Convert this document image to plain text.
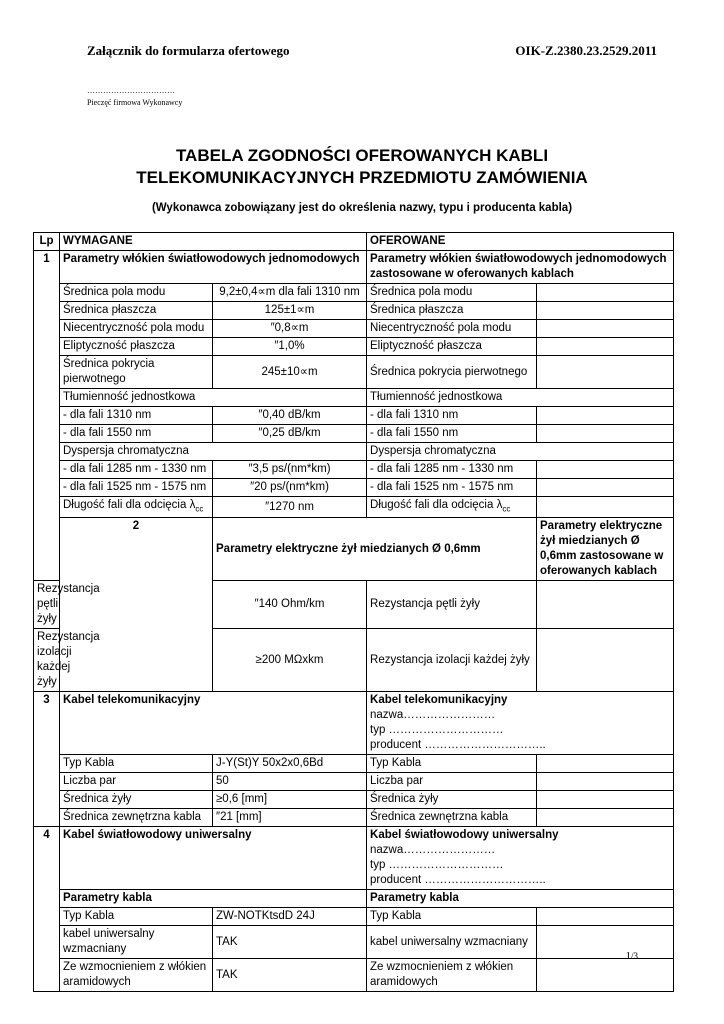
Załącznik do formularza ofertowego	OIK-Z.2380.23.2529.2011
……………………………
Pieczęć firmowa Wykonawcy
TABELA ZGODNOŚCI OFEROWANYCH KABLI
TELEKOMUNIKACYJNYCH PRZEDMIOTU ZAMÓWIENIA
(Wykonawca zobowiązany jest do określenia nazwy, typu i producenta kabla)
Lp	WYMAGANE		OFEROWANE	
1	Parametry włókien światłowodowych jednomodowych		Parametry włókien światłowodowych jednomodowych zastosowane w oferowanych kablach	
	Średnica pola modu	9,2±0,4∝m dla fali 1310 nm	Średnica pola modu	
	Średnica płaszcza	125±1∝m	Średnica płaszcza	
	Niecentryczność pola modu	″0,8∝m	Niecentryczność pola modu	
	Eliptyczność płaszcza	″1,0%	Eliptyczność płaszcza	
	Średnica pokrycia pierwotnego	245±10∝m	Średnica pokrycia pierwotnego	
	Tłumienność jednostkowa		Tłumienność jednostkowa	
	- dla fali 1310 nm	″0,40 dB/km	- dla fali 1310 nm	
	- dla fali 1550 nm	″0,25 dB/km	- dla fali 1550 nm	
	Dyspersja chromatyczna		Dyspersja chromatyczna	
	- dla fali 1285 nm - 1330 nm	″3,5 ps/(nm*km)	- dla fali 1285 nm - 1330 nm	
	- dla fali 1525 nm - 1575 nm	″20 ps/(nm*km)	- dla fali 1525 nm - 1575 nm	
	Długość fali dla odcięcia $\lambda_{cc}$	″1270 nm	Długość fali dla odcięcia $\lambda_{cc}$	
	2	Parametry elektryczne żył miedzianych Ø 0,6mm		Parametry elektryczne żył miedzianych Ø 0,6mm zastosowane w oferowanych kablach
Rezystancja pętli żyły		″140 Ohm/km	Rezystancja pętli żyły	
Rezystancja izolacji każdej żyły		≥200 MΩxkm	Rezystancja izolacji każdej żyły	
3	Kabel telekomunikacyjny		Kabel telekomunikacyjny
nazwa……………………
typ …………………………
producent …………………………..	

	Typ Kabla	J-Y(St)Y 50x2x0,6Bd	Typ Kabla	
	Liczba par	50	Liczba par	
	Średnica żyły	≥0,6 [mm]	Średnica żyły	
	Średnica zewnętrzna kabla	″21 [mm]	Średnica zewnętrzna kabla	
4	Kabel światłowodowy uniwersalny		Kabel światłowodowy uniwersalny
nazwa……………………
typ …………………………
producent …………………………..	

	Parametry kabla		Parametry kabla	
	Typ Kabla	ZW-NOTKtsdD 24J	Typ Kabla	
	kabel uniwersalny wzmacniany	TAK	kabel uniwersalny wzmacniany	
	Ze wzmocnieniem z włókien aramidowych	TAK	Ze wzmocnieniem z włókien aramidowych	
1/3
